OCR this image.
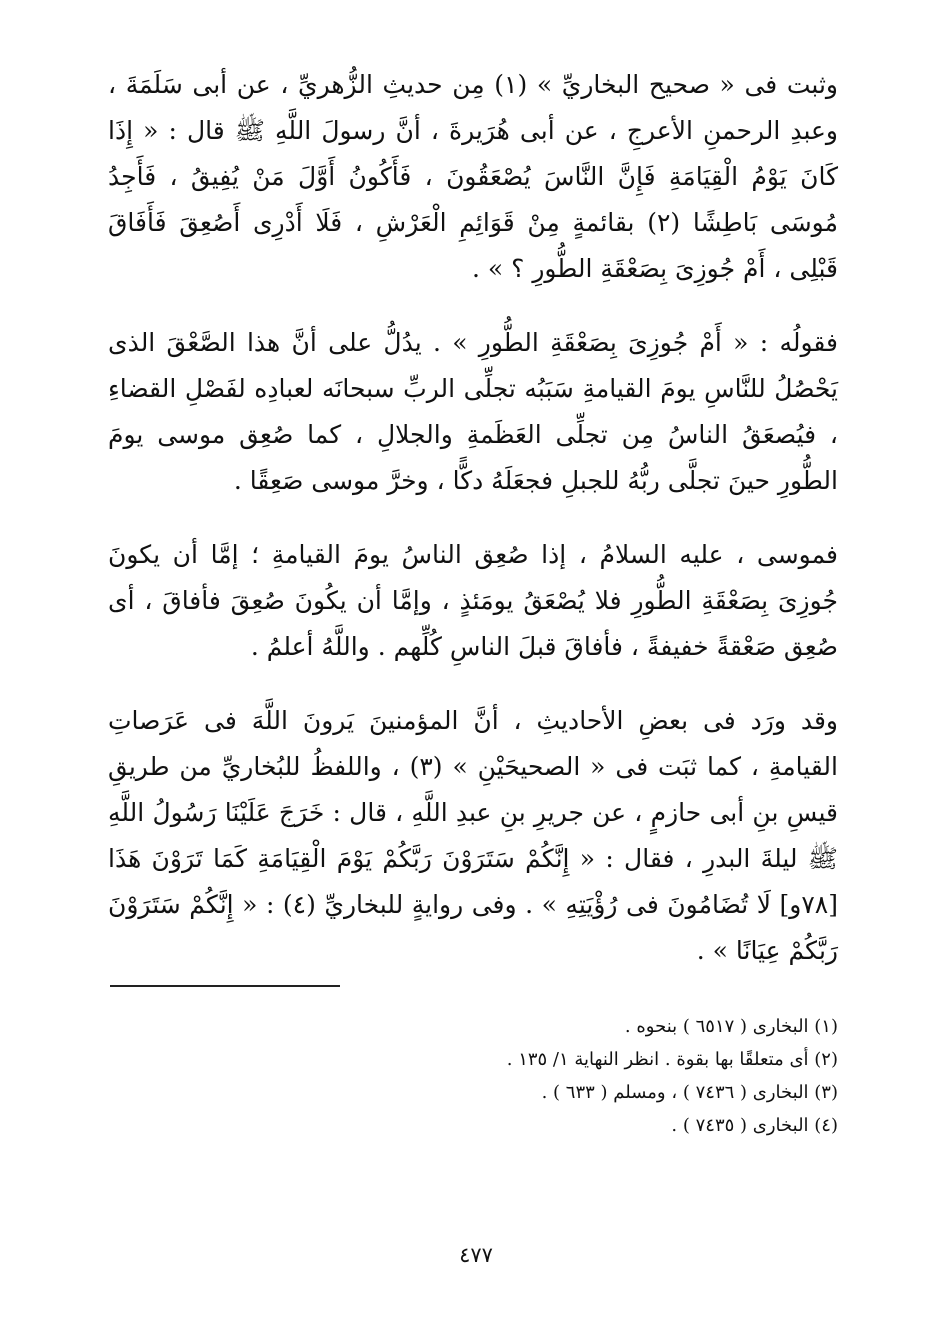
وثبت فى « صحيح البخاريِّ » (١) مِن حديثِ الزُّهريِّ ، عن أبى سَلَمَةَ ، وعبدِ الرحمنِ الأعرجِ ، عن أبى هُرَيرةَ ، أنَّ رسولَ اللَّهِ ﷺ قال : « إِذَا كَانَ يَوْمُ الْقِيَامَةِ فَإِنَّ النَّاسَ يُصْعَقُونَ ، فَأَكُونُ أَوَّلَ مَنْ يُفِيقُ ، فَأَجِدُ مُوسَى بَاطِشًا (٢) بقائمةٍ مِنْ قَوَائِمِ الْعَرْشِ ، فَلَا أَدْرِى أَصُعِقَ فَأَفَاقَ قَبْلِى ، أَمْ جُوزِىَ بِصَعْقَةِ الطُّورِ ؟ » .

فقولُه : « أَمْ جُوزِىَ بِصَعْقَةِ الطُّورِ » . يدُلُّ على أنَّ هذا الصَّعْقَ الذى يَحْصُلُ للنَّاسِ يومَ القيامةِ سَبَبُه تجلِّى الربِّ سبحانَه لعبادِه لفَصْلِ القضاءِ ، فيُصعَقُ الناسُ مِن تجلِّى العَظَمةِ والجلالِ ، كما صُعِق موسى يومَ الطُّورِ حينَ تجلَّى ربُّهُ للجبلِ فجعَلَهُ دكًّا ، وخرَّ موسى صَعِقًا .

فموسى ، عليه السلامُ ، إذا صُعِق الناسُ يومَ القيامةِ ؛ إمَّا أن يكونَ جُوزِىَ بِصَعْقَةِ الطُّورِ فلا يُصْعَقُ يومَئذٍ ، وإمَّا أن يكُونَ صُعِقَ فأفاقَ ، أى صُعِق صَعْقةً خفيفةً ، فأفاقَ قبلَ الناسِ كُلِّهم . واللَّهُ أعلمُ .

وقد ورَد فى بعضِ الأحاديثِ ، أنَّ المؤمنينَ يَرونَ اللَّهَ فى عَرَصاتِ القيامةِ ، كما ثبَت فى « الصحيحَيْنِ » (٣) ، واللفظُ للبُخاريِّ من طريقِ قيسِ بنِ أبى حازمٍ ، عن جريرِ بنِ عبدِ اللَّهِ ، قال : خَرَجَ عَلَيْنَا رَسُولُ اللَّهِ ﷺ ليلةَ البدرِ ، فقال : « إِنَّكُمْ سَتَرَوْنَ رَبَّكُمْ يَوْمَ الْقِيَامَةِ كَمَا تَرَوْنَ هَذَا [٧٨و] لَا تُضَامُونَ فى رُؤْيَتِهِ » . وفى روايةٍ للبخاريِّ (٤) : « إِنَّكُمْ سَتَرَوْنَ رَبَّكُمْ عِيَانًا » .

(١) البخارى ( ٦٥١٧ ) بنحوه .

(٢) أى متعلقًا بها بقوة . انظر النهاية ١/ ١٣٥ .

(٣) البخارى ( ٧٤٣٦ ) ، ومسلم ( ٦٣٣ ) .

(٤) البخارى ( ٧٤٣٥ ) .

٤٧٧
